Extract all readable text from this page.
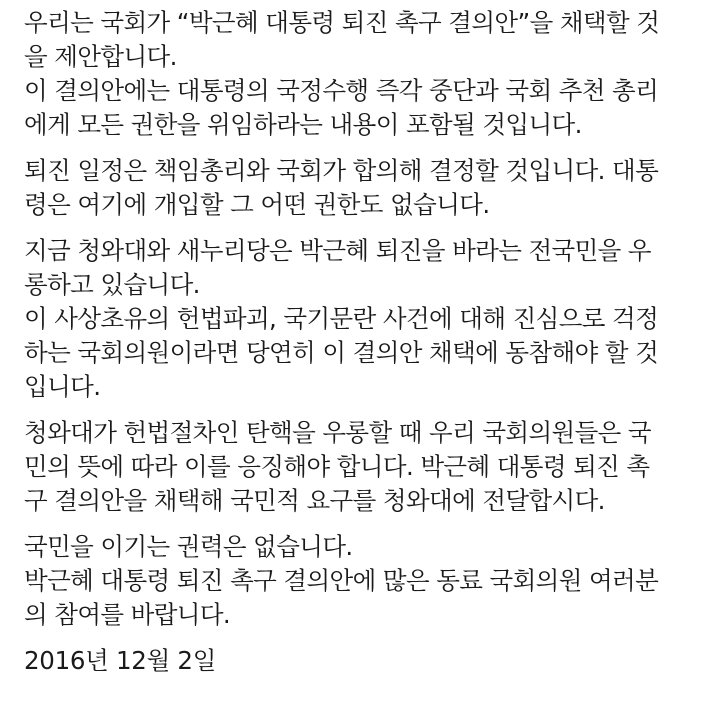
우리는 국회가 “박근혜 대통령 퇴진 촉구 결의안”을 채택할 것
을 제안합니다.
이 결의안에는 대통령의 국정수행 즉각 중단과 국회 추천 총리
에게 모든 권한을 위임하라는 내용이 포함될 것입니다.
퇴진 일정은 책임총리와 국회가 합의해 결정할 것입니다. 대통
령은 여기에 개입할 그 어떤 권한도 없습니다.
지금 청와대와 새누리당은 박근혜 퇴진을 바라는 전국민을 우
롱하고 있습니다.
이 사상초유의 헌법파괴, 국기문란 사건에 대해 진심으로 걱정
하는 국회의원이라면 당연히 이 결의안 채택에 동참해야 할 것
입니다.
청와대가 헌법절차인 탄핵을 우롱할 때 우리 국회의원들은 국
민의 뜻에 따라 이를 응징해야 합니다. 박근혜 대통령 퇴진 촉
구 결의안을 채택해 국민적 요구를 청와대에 전달합시다.
국민을 이기는 권력은 없습니다.
박근혜 대통령 퇴진 촉구 결의안에 많은 동료 국회의원 여러분
의 참여를 바랍니다.
2016년 12월 2일
